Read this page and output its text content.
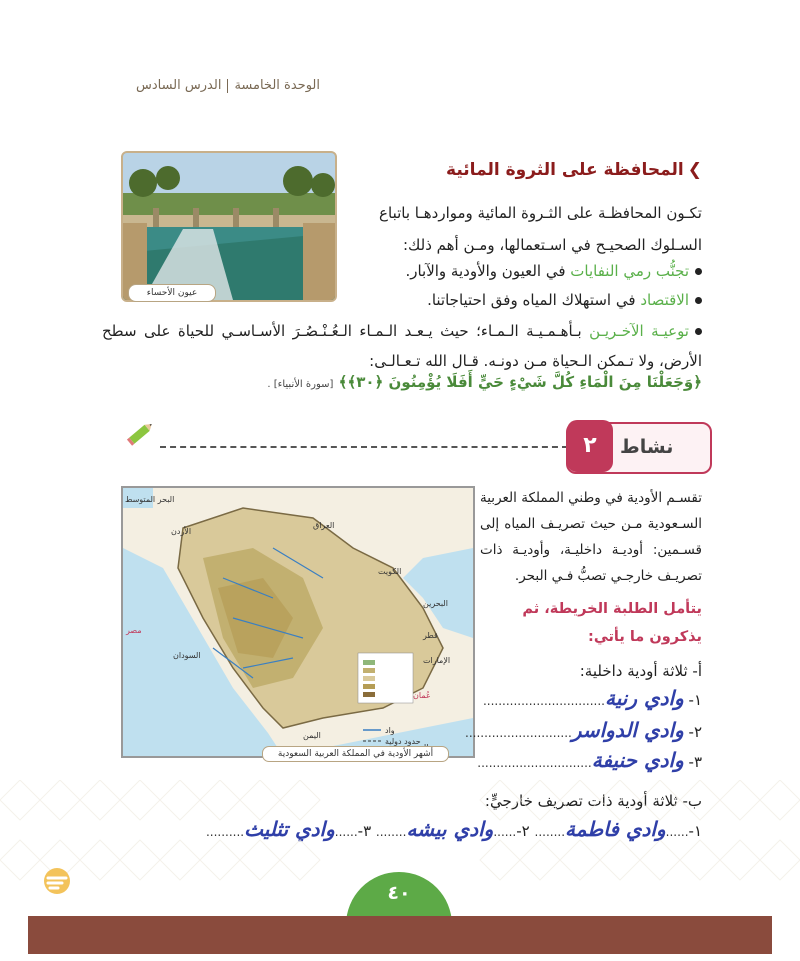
الوحدة الخامسةالدرس السادس
عيون الأحساء
❯المحافظة على الثروة المائية
تكـون المحافظـة على الثـروة المائية ومواردهـا باتباع السـلوك الصحيـح في اسـتعمالها، ومـن أهم ذلك:
تجنُّب رمي النفايات في العيون والأودية والآبار.
الاقتصاد في استهلاك المياه وفق احتياجاتنا.
توعيـة الآخـريـن بـأهـمـيـة الـمـاء؛ حيث يـعـد الـمـاء الـعُـنْـصُـرَ الأسـاسـي للحياة على سطح الأرض، ولا تـمكن الـحياة مـن دونـه. قـال الله تـعـالـى:
﴿وَجَعَلْنَا مِنَ الْمَاءِ كُلَّ شَيْءٍ حَيٍّ أَفَلَا يُؤْمِنُونَ ﴿٣٠﴾﴾ [سورة الأنبياء] .
نشاط
٢
البحر المتوسط
الأردن
العراق
الكويت
البحرين
قطر
الإمارات
عُمان
اليمن
مصر
السودان
واد
حدود دولية
أشهر الأودية في المملكة العربية السعودية
تقسـم الأودية في وطني المملكة العربية السـعودية مـن حيث تصريـف المياه إلى قسـمين: أوديـة داخليـة، وأوديـة ذات تصريـف خارجـي تصبُّ فـي البحر.
يتأمل الطلبة الخريطة، ثم يذكرون ما يأتي:
أ- ثلاثة أودية داخلية:
١- وادي رنية................................
٢- وادي الدواسر............................
٣- وادي حنيفة..............................
ب- ثلاثة أودية ذات تصريف خارجيٍّ:
١-......وادي فاطمة........ ٢-......وادي بيشه........ ٣-......وادي تثليث..........
٤٠
